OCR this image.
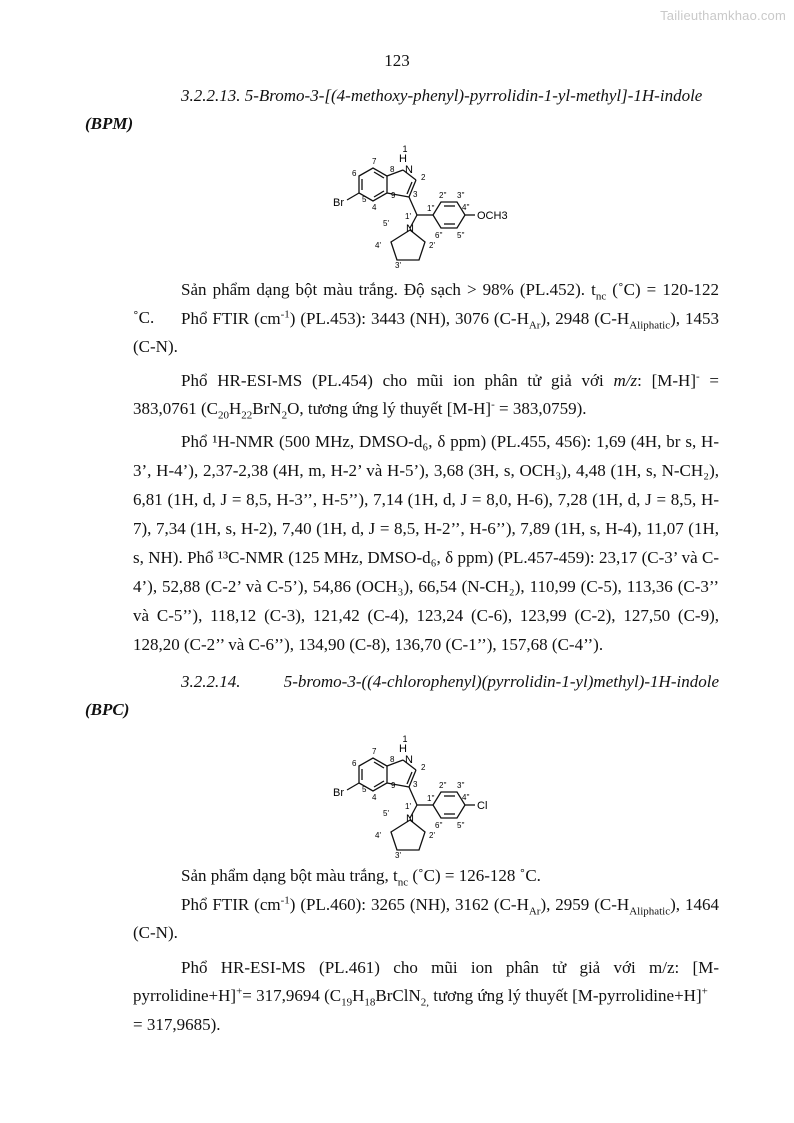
Tailieuthamkhao.com
123
3.2.2.13. 5-Bromo-3-[(4-methoxy-phenyl)-pyrrolidin-1-yl-methyl]-1H-indole
(BPM)
1
H
N
2
3
4
5
6
7
8
9
Br
1'
N
2'
3'
4'
5'
1''
2'' 3''
4''
5''
6''
OCH3
Sản phẩm dạng bột màu trắng. Độ sạch > 98% (PL.452). $t_{nc}$ (˚C) = 120-122 ˚C.	Phổ FTIR $(cm^{-1})$ (PL.453): 3443 (NH), 3076 $(C-H_{Ar})$, 2948 $(C-H_{Aliphatic})$, 1453 (C-N).
Phổ HR-ESI-MS (PL.454) cho mũi ion phân tử giả với m/z: [M-H]- = 383,0761 ($C_{20}H_{22}BrN_2O$, tương ứng lý thuyết [M-H]- = 383,0759).
Phổ ¹H-NMR (500 MHz, DMSO-d₆, δ ppm) (PL.455, 456): 1,69 (4H, br s, H-3’, H-4’), 2,37-2,38 (4H, m, H-2’ và H-5’), 3,68 (3H, s, OCH₃), 4,48 (1H, s, N-CH₂), 6,81 (1H, d, J = 8,5, H-3’’, H-5’’), 7,14 (1H, d, J = 8,0, H-6), 7,28 (1H, d, J = 8,5, H-7), 7,34 (1H, s, H-2), 7,40 (1H, d, J = 8,5, H-2’’, H-6’’), 7,89 (1H, s, H-4), 11,07 (1H, s, NH). Phổ ¹³C-NMR (125 MHz, DMSO-d₆, δ ppm) (PL.457-459): 23,17 (C-3’ và C-4’), 52,88 (C-2’ và C-5’), 54,86 (OCH₃), 66,54 (N-CH₂), 110,99 (C-5), 113,36 (C-3’’ và C-5’’), 118,12 (C-3), 121,42 (C-4), 123,24 (C-6), 123,99 (C-2), 127,50 (C-9), 128,20 (C-2’’ và C-6’’), 134,90 (C-8), 136,70 (C-1’’), 157,68 (C-4’’).
3.2.2.14.	5-bromo-3-((4-chlorophenyl)(pyrrolidin-1-yl)methyl)-1H-indole
(BPC)
1
H
N
2
3
4
5
6
7
8
9
Br
1'
N
2'
3'
4'
5'
1''
2'' 3''
4''
5''
6''
Cl
Sản phẩm dạng bột màu trắng, $t_{nc}$ (˚C) = 126-128 ˚C.
Phổ FTIR $(cm^{-1})$ (PL.460): 3265 (NH), 3162 $(C-H_{Ar})$, 2959 $(C-H_{Aliphatic})$, 1464 (C-N).
Phổ HR-ESI-MS (PL.461) cho mũi ion phân tử giả với m/z: [M-
pyrrolidine+H]+= 317,9694 ($C_{19}H_{18}BrClN_{2,}$ tương ứng lý thuyết [M-pyrrolidine+H]+
= 317,9685).
